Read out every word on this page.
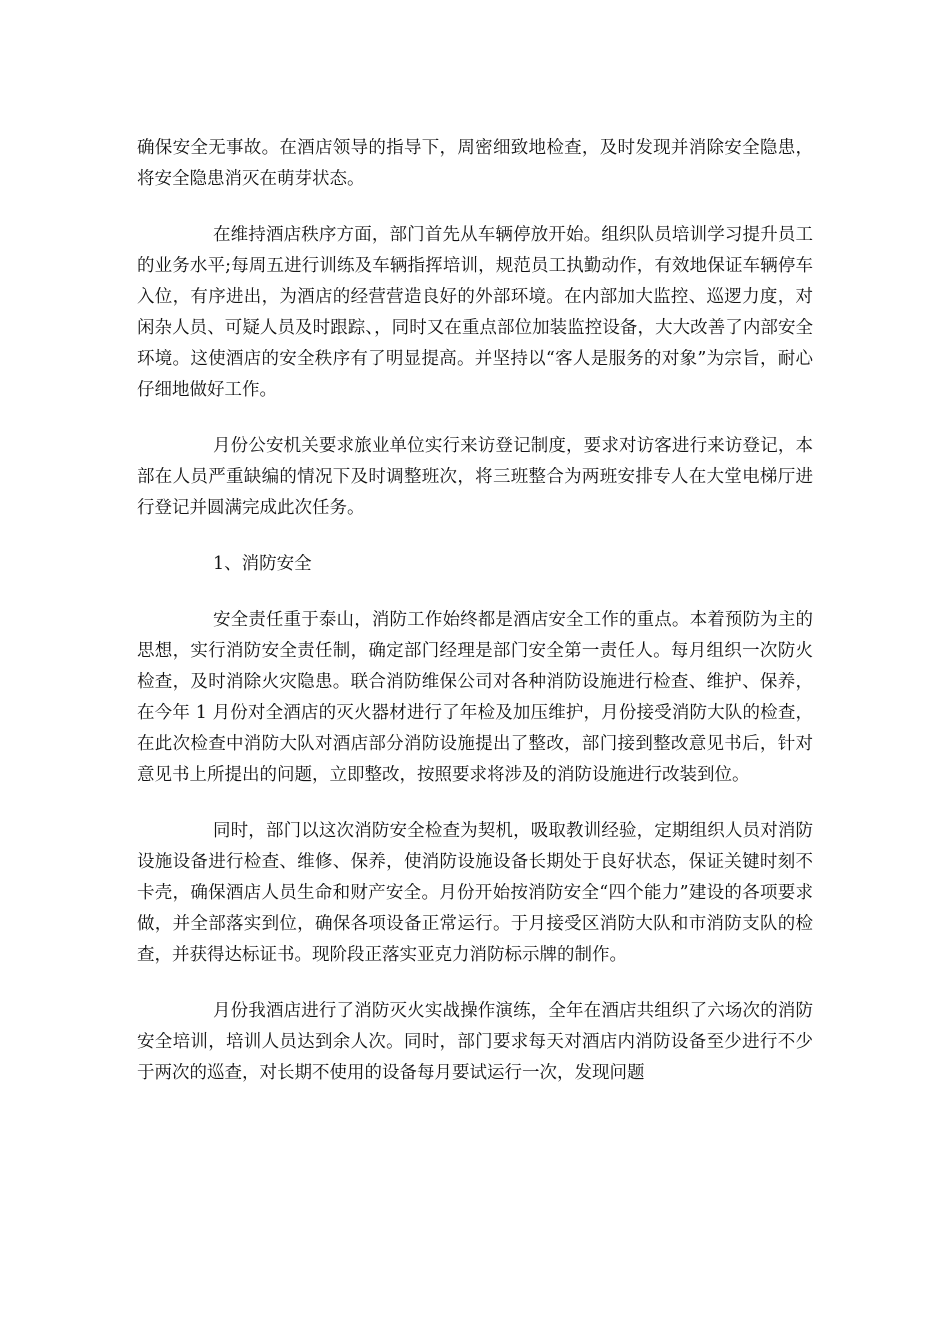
确保安全无事故。在酒店领导的指导下，周密细致地检查，及时发现并消除安全隐患，将安全隐患消灭在萌芽状态。

在维持酒店秩序方面，部门首先从车辆停放开始。组织队员培训学习提升员工的业务水平;每周五进行训练及车辆指挥培训，规范员工执勤动作，有效地保证车辆停车入位，有序进出，为酒店的经营营造良好的外部环境。在内部加大监控、巡逻力度，对闲杂人员、可疑人员及时跟踪、，同时又在重点部位加装监控设备，大大改善了内部安全环境。这使酒店的安全秩序有了明显提高。并坚持以“客人是服务的对象”为宗旨，耐心仔细地做好工作。

月份公安机关要求旅业单位实行来访登记制度，要求对访客进行来访登记，本部在人员严重缺编的情况下及时调整班次，将三班整合为两班安排专人在大堂电梯厅进行登记并圆满完成此次任务。

1、消防安全

安全责任重于泰山，消防工作始终都是酒店安全工作的重点。本着预防为主的思想，实行消防安全责任制，确定部门经理是部门安全第一责任人。每月组织一次防火检查，及时消除火灾隐患。联合消防维保公司对各种消防设施进行检查、维护、保养，在今年 1 月份对全酒店的灭火器材进行了年检及加压维护，月份接受消防大队的检查，在此次检查中消防大队对酒店部分消防设施提出了整改，部门接到整改意见书后，针对意见书上所提出的问题，立即整改，按照要求将涉及的消防设施进行改装到位。

同时，部门以这次消防安全检查为契机，吸取教训经验，定期组织人员对消防设施设备进行检查、维修、保养，使消防设施设备长期处于良好状态，保证关键时刻不卡壳，确保酒店人员生命和财产安全。月份开始按消防安全“四个能力”建设的各项要求做，并全部落实到位，确保各项设备正常运行。于月接受区消防大队和市消防支队的检查，并获得达标证书。现阶段正落实亚克力消防标示牌的制作。

月份我酒店进行了消防灭火实战操作演练，全年在酒店共组织了六场次的消防安全培训，培训人员达到余人次。同时，部门要求每天对酒店内消防设备至少进行不少于两次的巡查，对长期不使用的设备每月要试运行一次，发现问题
